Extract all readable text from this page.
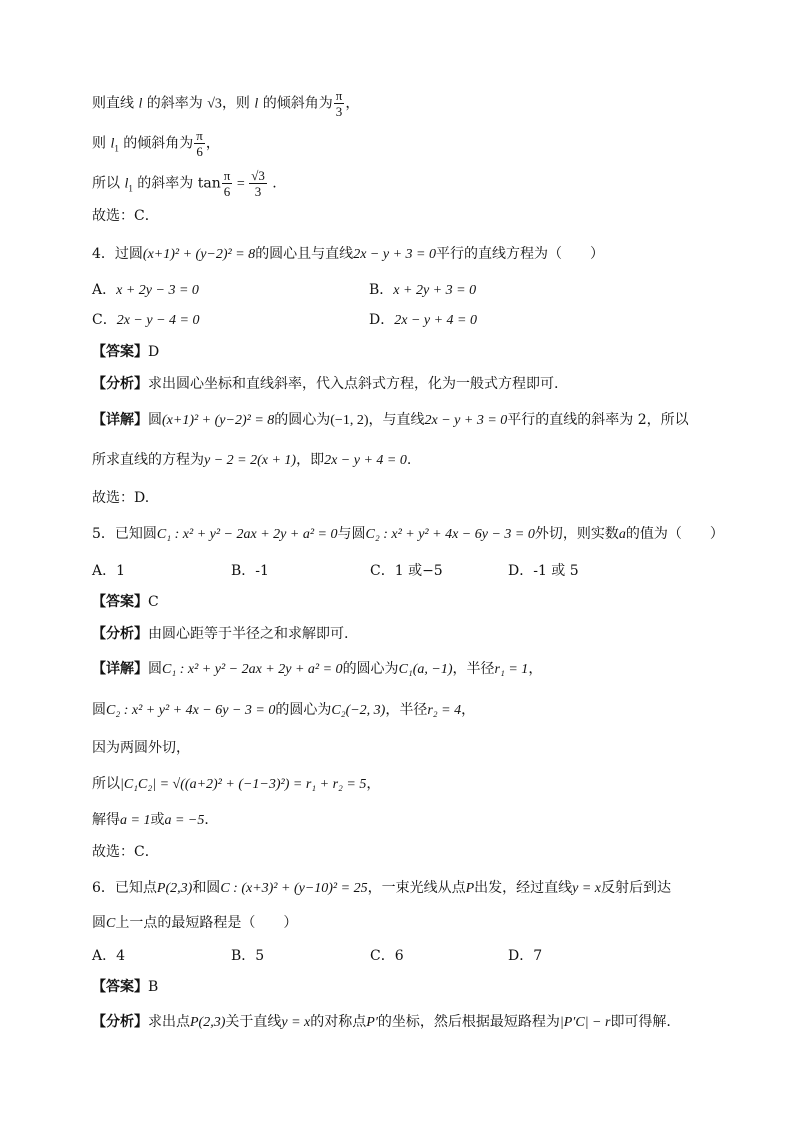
则直线 l 的斜率为 √3，则 l 的倾斜角为 $\frac{\pi}{3}$ ，
则 $l_1$ 的倾斜角为 $\frac{\pi}{6}$ ，
所以 $l_1$ 的斜率为 $\tan \frac{\pi}{6} = \frac{√3}{3}$ .
故选：C．
4．过圆(x+1)² + (y−2)² = 8的圆心且与直线2x − y + 3 = 0平行的直线方程为（　　）
A．x + 2y − 3 = 0	B．x + 2y + 3 = 0
C．2x − y − 4 = 0	D．2x − y + 4 = 0
【答案】D
【分析】求出圆心坐标和直线斜率，代入点斜式方程，化为一般式方程即可.
【详解】圆(x+1)² + (y−2)² = 8的圆心为(−1, 2)，与直线2x − y + 3 = 0平行的直线的斜率为 2，所以
所求直线的方程为y − 2 = 2(x + 1)，即2x − y + 4 = 0.
故选：D.
5．已知圆C₁ : x² + y² − 2ax + 2y + a² = 0与圆C₂ : x² + y² + 4x − 6y − 3 = 0外切，则实数a的值为（　　）
A．1	B．-1	C．1 或−5	D．-1 或 5
【答案】C
【分析】由圆心距等于半径之和求解即可.
【详解】圆C₁ : x² + y² − 2ax + 2y + a² = 0的圆心为C₁(a, −1)，半径r₁ = 1，
圆C₂ : x² + y² + 4x − 6y − 3 = 0的圆心为C₂(−2, 3)，半径r₂ = 4，
因为两圆外切，
所以|C₁C₂| = √((a+2)² + (−1−3)²) = r₁ + r₂ = 5，
解得a = 1或a = −5．
故选：C．
6．已知点P(2,3)和圆C : (x+3)² + (y−10)² = 25，一束光线从点P出发，经过直线y = x反射后到达
圆C上一点的最短路程是（　　）
A．4	B．5	C．6	D．7
【答案】B
【分析】求出点P(2,3)关于直线y = x的对称点P′的坐标，然后根据最短路程为|P′C| − r即可得解.
